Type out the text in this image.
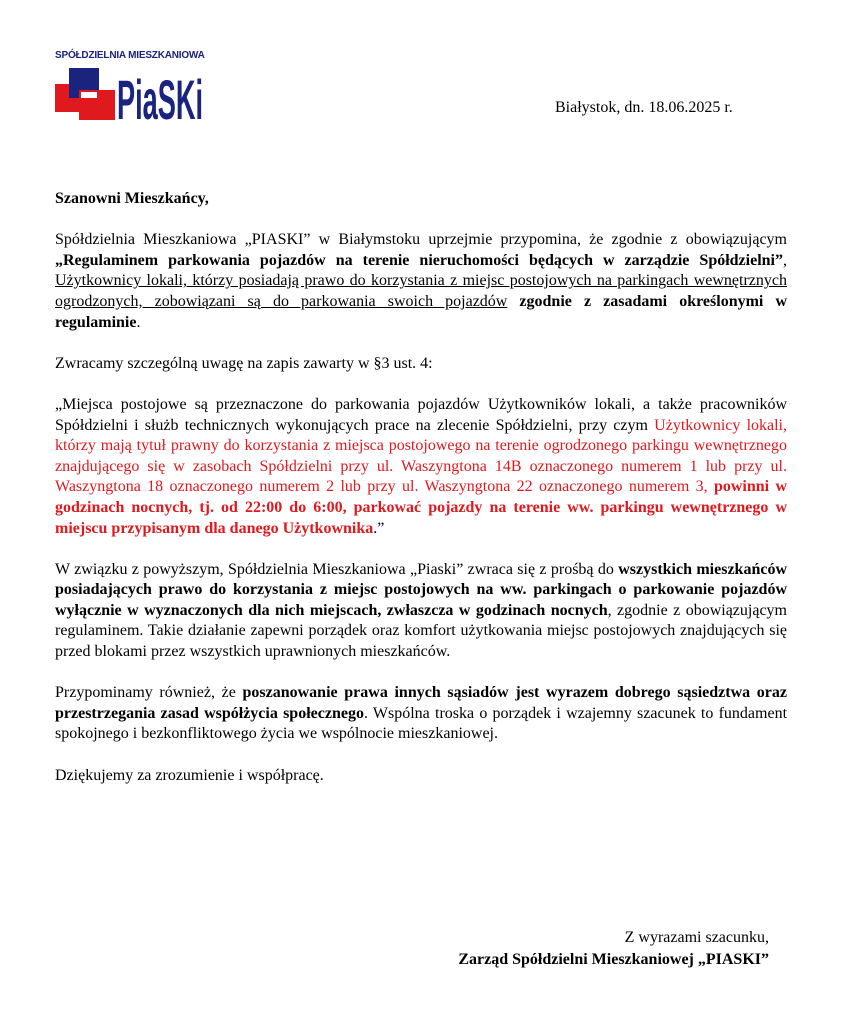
SPÓŁDZIELNIA MIESZKANIOWA
PiaSKi	Białystok, dn. 18.06.2025 r.

Szanowni Mieszkańcy,

Spółdzielnia Mieszkaniowa „PIASKI” w Białymstoku uprzejmie przypomina, że zgodnie z obowiązującym „Regulaminem parkowania pojazdów na terenie nieruchomości będących w zarządzie Spółdzielni”, Użytkownicy lokali, którzy posiadają prawo do korzystania z miejsc postojowych na parkingach wewnętrznych ogrodzonych, zobowiązani są do parkowania swoich pojazdów zgodnie z zasadami określonymi w regulaminie.

Zwracamy szczególną uwagę na zapis zawarty w §3 ust. 4:

„Miejsca postojowe są przeznaczone do parkowania pojazdów Użytkowników lokali, a także pracowników Spółdzielni i służb technicznych wykonujących prace na zlecenie Spółdzielni, przy czym Użytkownicy lokali, którzy mają tytuł prawny do korzystania z miejsca postojowego na terenie ogrodzonego parkingu wewnętrznego znajdującego się w zasobach Spółdzielni przy ul. Waszyngtona 14B oznaczonego numerem 1 lub przy ul. Waszyngtona 18 oznaczonego numerem 2 lub przy ul. Waszyngtona 22 oznaczonego numerem 3, powinni w godzinach nocnych, tj. od 22:00 do 6:00, parkować pojazdy na terenie ww. parkingu wewnętrznego w miejscu przypisanym dla danego Użytkownika.”

W związku z powyższym, Spółdzielnia Mieszkaniowa „Piaski” zwraca się z prośbą do wszystkich mieszkańców posiadających prawo do korzystania z miejsc postojowych na ww. parkingach o parkowanie pojazdów wyłącznie w wyznaczonych dla nich miejscach, zwłaszcza w godzinach nocnych, zgodnie z obowiązującym regulaminem. Takie działanie zapewni porządek oraz komfort użytkowania miejsc postojowych znajdujących się przed blokami przez wszystkich uprawnionych mieszkańców.

Przypominamy również, że poszanowanie prawa innych sąsiadów jest wyrazem dobrego sąsiedztwa oraz przestrzegania zasad współżycia społecznego. Wspólna troska o porządek i wzajemny szacunek to fundament spokojnego i bezkonfliktowego życia we wspólnocie mieszkaniowej.

Dziękujemy za zrozumienie i współpracę.

Z wyrazami szacunku,
Zarząd Spółdzielni Mieszkaniowej „PIASKI”
